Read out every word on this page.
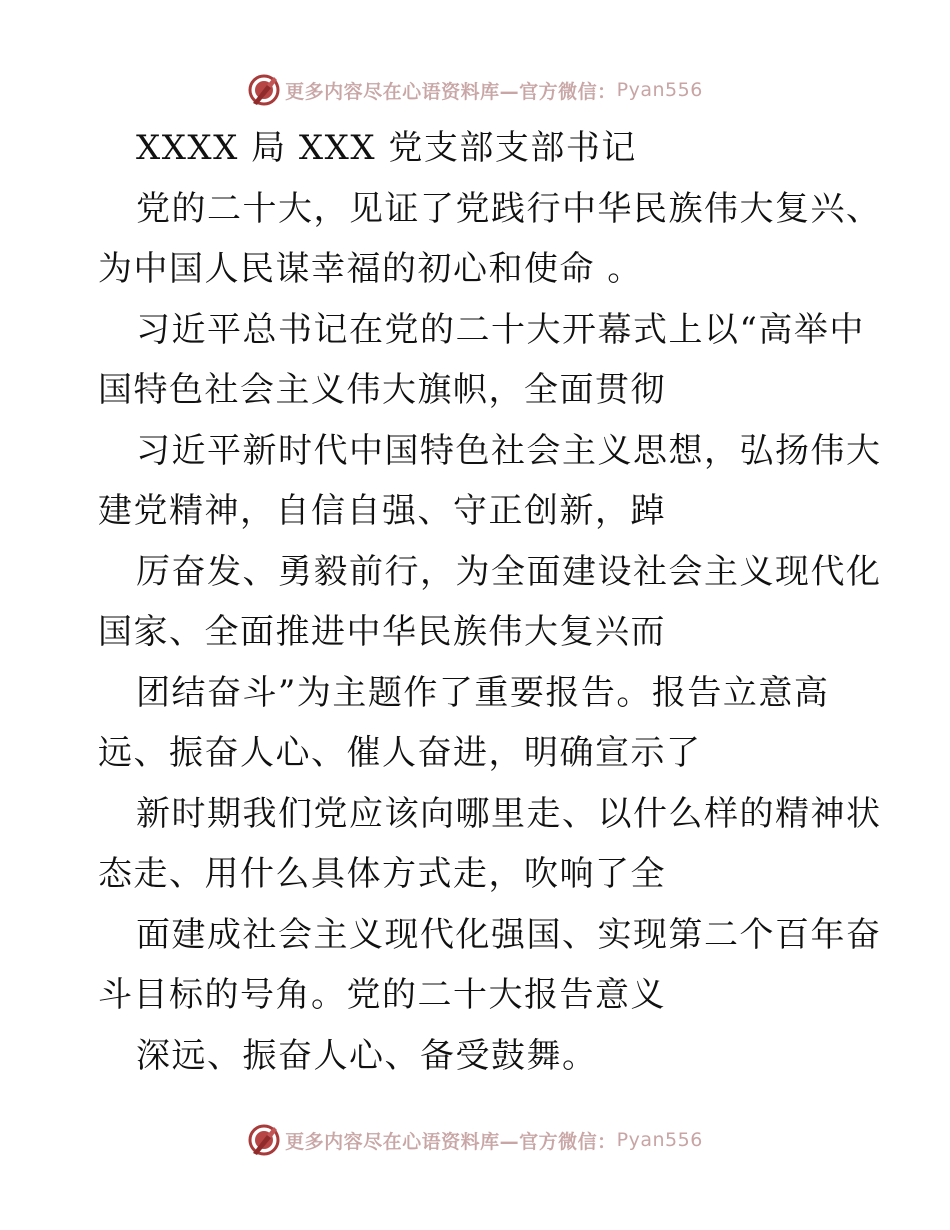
更多内容尽在心语资料库—官方微信： Pyan556
XXXX 局 XXX 党支部支部书记
党的二十大，见证了党践行中华民族伟大复兴、
为中国人民谋幸福的初心和使命 。
习近平总书记在党的二十大开幕式上以“高举中
国特色社会主义伟大旗帜，全面贯彻
习近平新时代中国特色社会主义思想，弘扬伟大
建党精神，自信自强、守正创新，踔
厉奋发、勇毅前行，为全面建设社会主义现代化
国家、全面推进中华民族伟大复兴而
团结奋斗”为主题作了重要报告。报告立意高
远、振奋人心、催人奋进，明确宣示了
新时期我们党应该向哪里走、以什么样的精神状
态走、用什么具体方式走，吹响了全
面建成社会主义现代化强国、实现第二个百年奋
斗目标的号角。党的二十大报告意义
深远、振奋人心、备受鼓舞。
更多内容尽在心语资料库—官方微信： Pyan556
